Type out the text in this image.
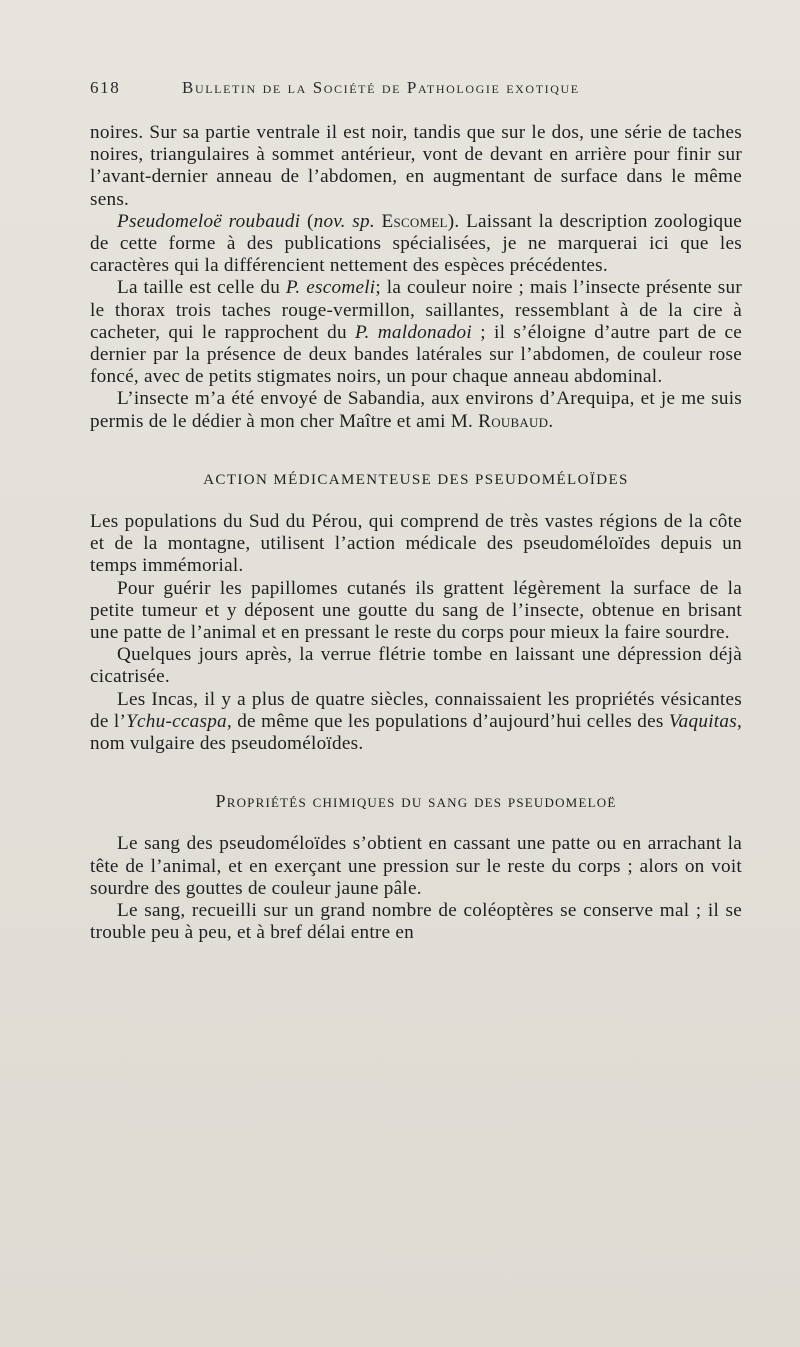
618	Bulletin de la Société de Pathologie exotique

noires. Sur sa partie ventrale il est noir, tandis que sur le dos, une série de taches noires, triangulaires à sommet antérieur, vont de devant en arrière pour finir sur l’avant-dernier anneau de l’abdomen, en augmentant de surface dans le même sens.

Pseudomeloë roubaudi (nov. sp. Escomel). Laissant la description zoologique de cette forme à des publications spécialisées, je ne marquerai ici que les caractères qui la différencient nettement des espèces précédentes.

La taille est celle du P. escomeli; la couleur noire ; mais l’insecte présente sur le thorax trois taches rouge-vermillon, saillantes, ressemblant à de la cire à cacheter, qui le rapprochent du P. maldonadoi ; il s’éloigne d’autre part de ce dernier par la présence de deux bandes latérales sur l’abdomen, de couleur rose foncé, avec de petits stigmates noirs, un pour chaque anneau abdominal.

L’insecte m’a été envoyé de Sabandia, aux environs d’Arequipa, et je me suis permis de le dédier à mon cher Maître et ami M. Roubaud.

ACTION MÉDICAMENTEUSE DES PSEUDOMÉLOÏDES

Les populations du Sud du Pérou, qui comprend de très vastes régions de la côte et de la montagne, utilisent l’action médicale des pseudoméloïdes depuis un temps immémorial.

Pour guérir les papillomes cutanés ils grattent légèrement la surface de la petite tumeur et y déposent une goutte du sang de l’insecte, obtenue en brisant une patte de l’animal et en pressant le reste du corps pour mieux la faire sourdre.

Quelques jours après, la verrue flétrie tombe en laissant une dépression déjà cicatrisée.

Les Incas, il y a plus de quatre siècles, connaissaient les propriétés vésicantes de l’Ychu-ccaspa, de même que les populations d’aujourd’hui celles des Vaquitas, nom vulgaire des pseudoméloïdes.

Propriétés chimiques du sang des pseudomeloë

Le sang des pseudoméloïdes s’obtient en cassant une patte ou en arrachant la tête de l’animal, et en exerçant une pression sur le reste du corps ; alors on voit sourdre des gouttes de couleur jaune pâle.

Le sang, recueilli sur un grand nombre de coléoptères se conserve mal ; il se trouble peu à peu, et à bref délai entre en
